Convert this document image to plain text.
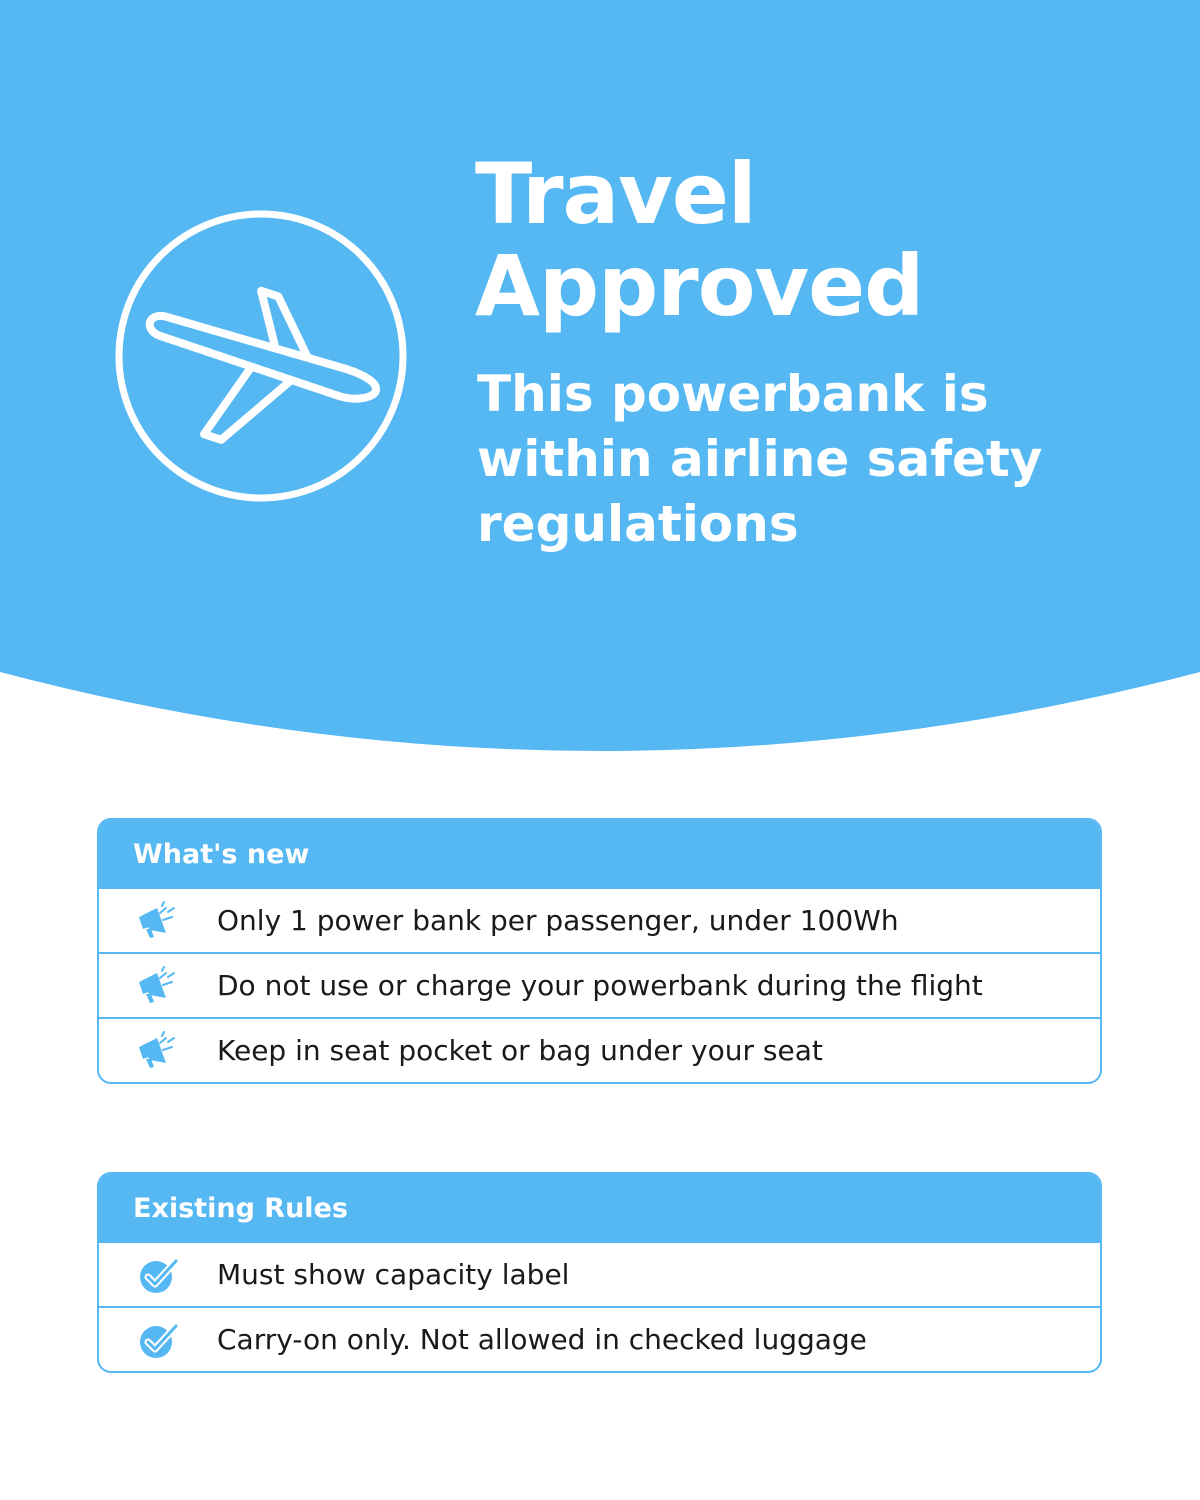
Travel
Approved

This powerbank is within airline safety regulations

What's new
Only 1 power bank per passenger, under 100Wh
Do not use or charge your powerbank during the flight
Keep in seat pocket or bag under your seat
Existing Rules
Must show capacity label
Carry-on only. Not allowed in checked luggage
